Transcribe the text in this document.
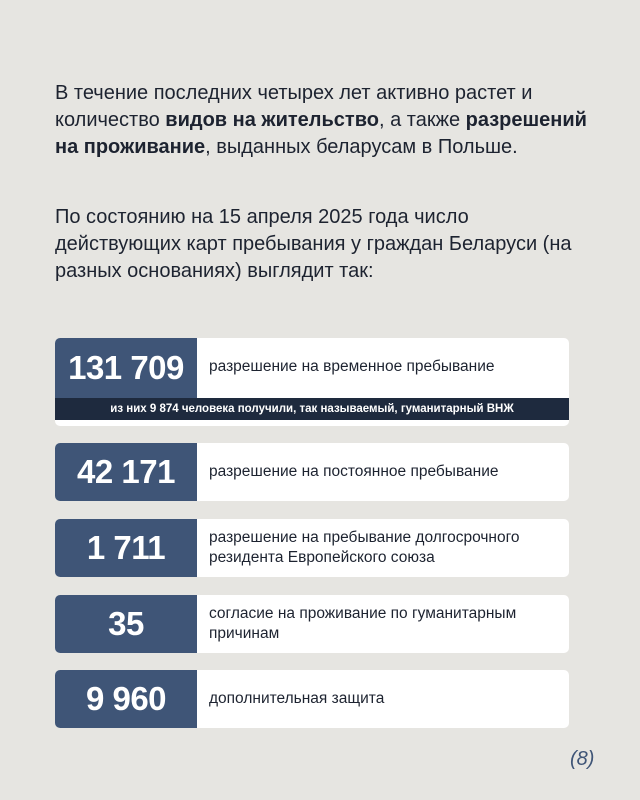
В течение последних четырех лет активно растет и количество видов на жительство, а также разрешений на проживание, выданных беларусам в Польше.

По состоянию на 15 апреля 2025 года число действующих карт пребывания у граждан Беларуси (на разных основаниях) выглядит так:

131 709	разрешение на временное пребывание
из них 9 874 человека получили, так называемый, гуманитарный ВНЖ
42 171	разрешение на постоянное пребывание
1 711	разрешение на пребывание долгосрочного резидента Европейского союза
35	согласие на проживание по гуманитарным причинам
9 960	дополнительная защита
(8)
